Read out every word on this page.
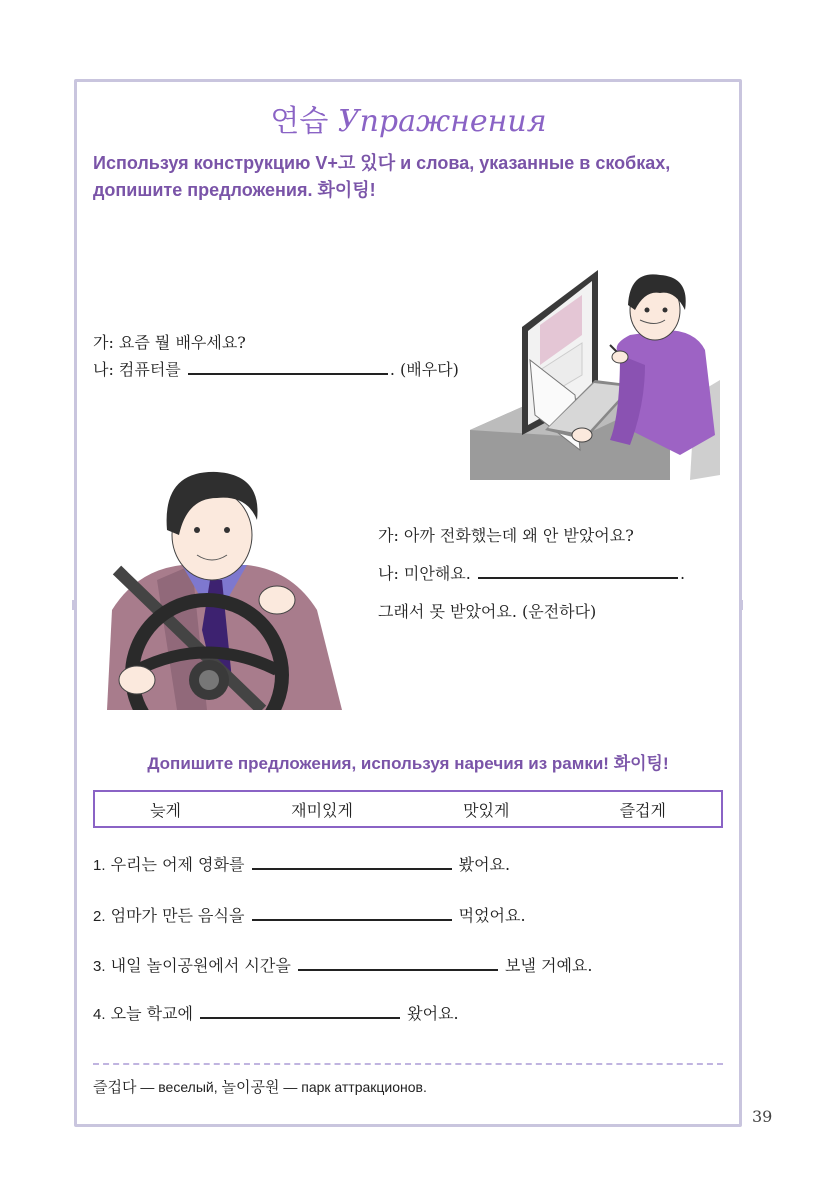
연습 Упражнения
Используя конструкцию V+고 있다 и слова, указанные в скобках,
допишите предложения. 화이팅!
가: 요즘 뭘 배우세요?
나: 컴퓨터를	. (배우다)
가: 아까 전화했는데 왜 안 받았어요?
나: 미안해요.	.
그래서 못 받았어요. (운전하다)
Допишите предложения, используя наречия из рамки! 화이팅!
늦게	재미있게	맛있게	즐겁게
1. 우리는 어제 영화를	봤어요.
2. 엄마가 만든 음식을	먹었어요.
3. 내일 놀이공원에서 시간을	보낼 거예요.
4. 오늘 학교에	왔어요.
즐겁다 — веселый, 놀이공원 — парк аттракционов.
39
